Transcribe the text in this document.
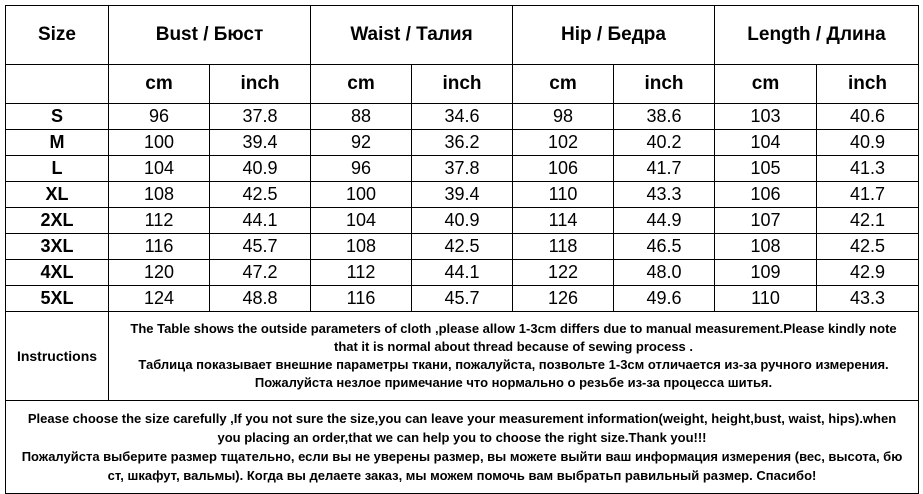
Size	Bust / Бюст		Waist / Талия		Hip / Бедра		Length / Длина	
	cm	inch	cm	inch	cm	inch	cm	inch
S	96	37.8	88	34.6	98	38.6	103	40.6
M	100	39.4	92	36.2	102	40.2	104	40.9
L	104	40.9	96	37.8	106	41.7	105	41.3
XL	108	42.5	100	39.4	110	43.3	106	41.7
2XL	112	44.1	104	40.9	114	44.9	107	42.1
3XL	116	45.7	108	42.5	118	46.5	108	42.5
4XL	120	47.2	112	44.1	122	48.0	109	42.9
5XL	124	48.8	116	45.7	126	49.6	110	43.3
Instructions	The Table shows the outside parameters of cloth ,please allow 1-3cm differs due to manual measurement.Please kindly note
that it is normal about thread because of sewing process .
Таблица показывает внешние параметры ткани, пожалуйста, позвольте 1-3см отличается из-за ручного измерения.
Пожалуйста незлое примечание что нормально о резьбе из-за процесса шитья.							

Please choose the size carefully ,If you not sure the size,you can leave your measurement information(weight, height,bust, waist, hips).when
you placing an order,that we can help you to choose the right size.Thank you!!!
Пожалуйста выберите размер тщательно, если вы не уверены размер, вы можете выйти ваш информация измерения (вес, высота, бю
ст, шкафут, вальмы). Когда вы делаете заказ, мы можем помочь вам выбратьп равильный размер. Спасибо!								
